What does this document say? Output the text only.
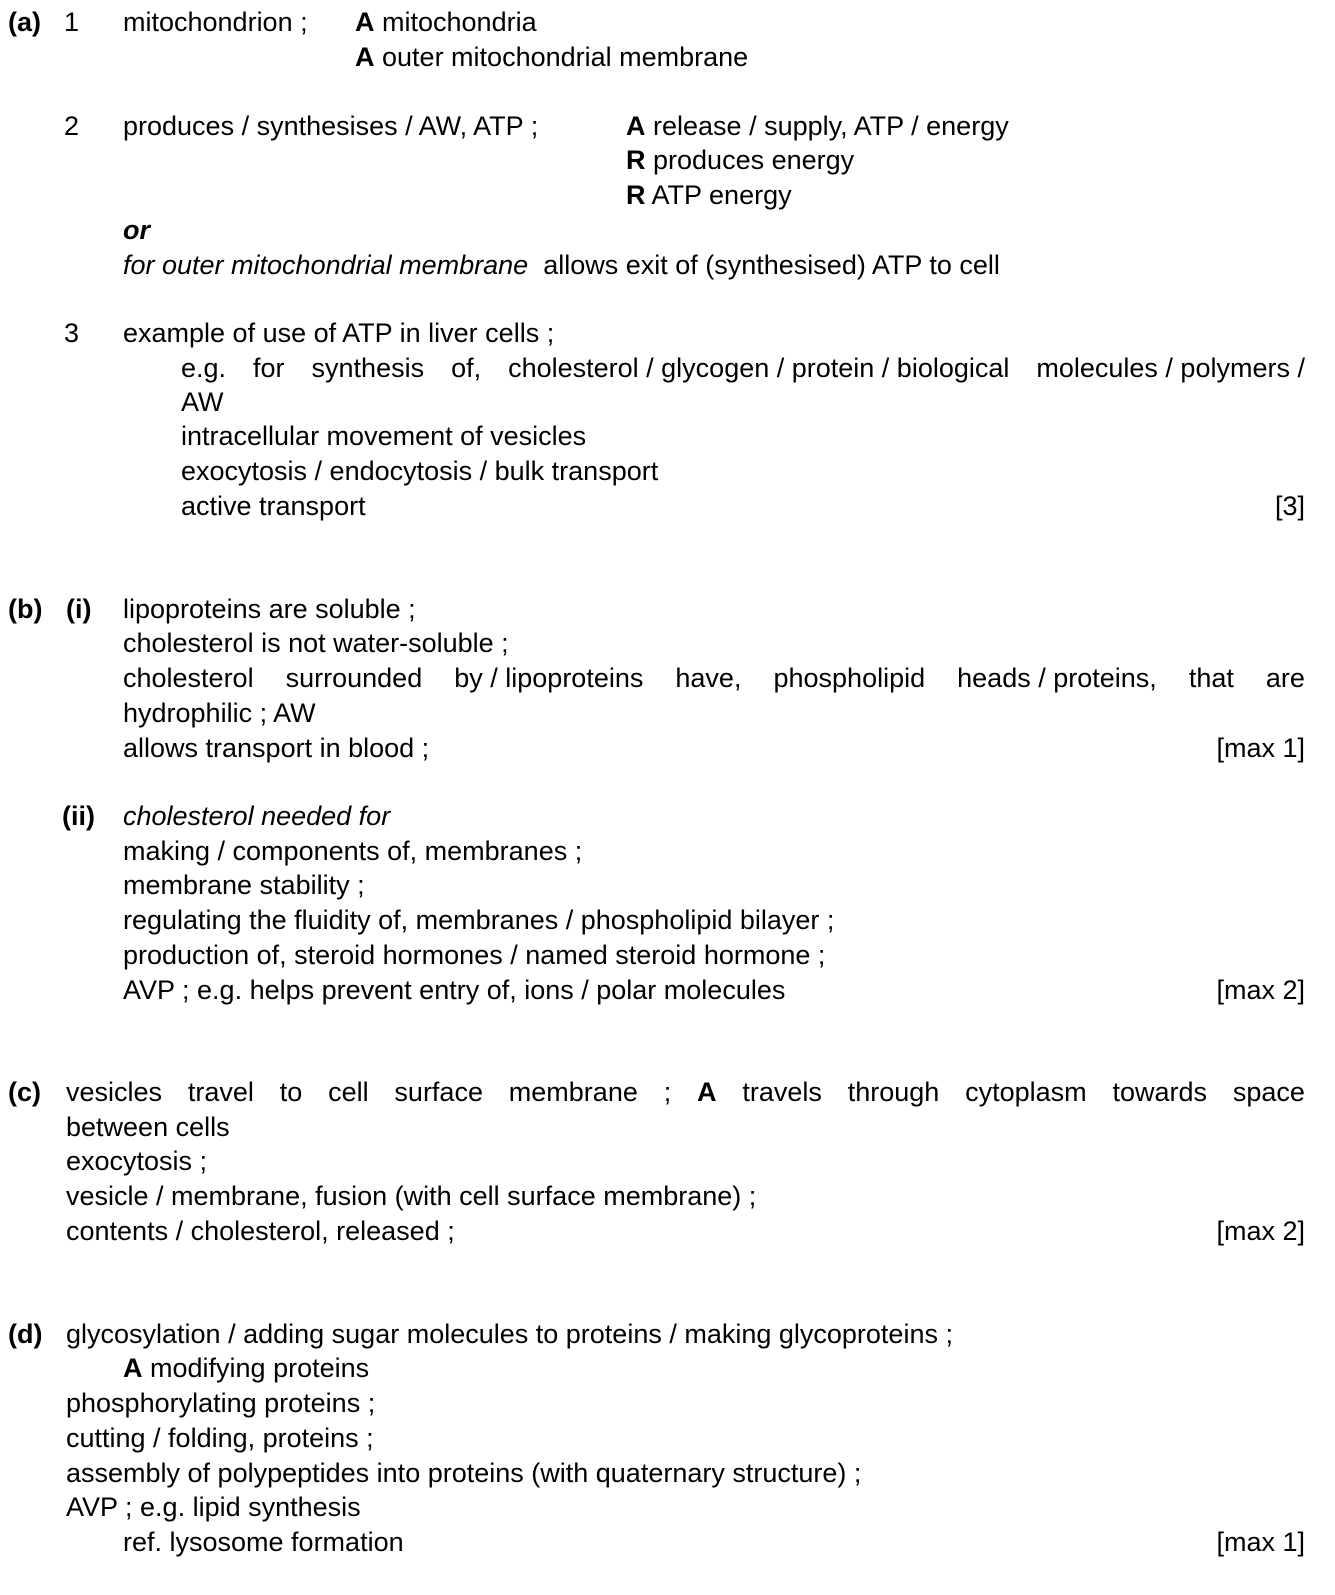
(a) 1 mitochondrion ; A mitochondria
A outer mitochondrial membrane
2 produces / synthesises / AW, ATP ;	A release / supply, ATP / energy
R produces energy
R ATP energy
or
for outer mitochondrial membrane allows exit of (synthesised) ATP to cell
3 example of use of ATP in liver cells ;
e.g. for synthesis of, cholesterol / glycogen / protein / biological molecules / polymers /
AW
intracellular movement of vesicles
exocytosis / endocytosis / bulk transport
active transport	[3]
(b) (i) lipoproteins are soluble ;
cholesterol is not water-soluble ;
cholesterol surrounded by / lipoproteins have, phospholipid heads / proteins, that are
hydrophilic ; AW
allows transport in blood ;	[max 1]
(ii) cholesterol needed for
making / components of, membranes ;
membrane stability ;
regulating the fluidity of, membranes / phospholipid bilayer ;
production of, steroid hormones / named steroid hormone ;
AVP ; e.g. helps prevent entry of, ions / polar molecules	[max 2]
(c) vesicles travel to cell surface membrane ; A travels through cytoplasm towards space
between cells
exocytosis ;
vesicle / membrane, fusion (with cell surface membrane) ;
contents / cholesterol, released ;	[max 2]
(d) glycosylation / adding sugar molecules to proteins / making glycoproteins ;
A modifying proteins
phosphorylating proteins ;
cutting / folding, proteins ;
assembly of polypeptides into proteins (with quaternary structure) ;
AVP ; e.g. lipid synthesis
ref. lysosome formation	[max 1]
